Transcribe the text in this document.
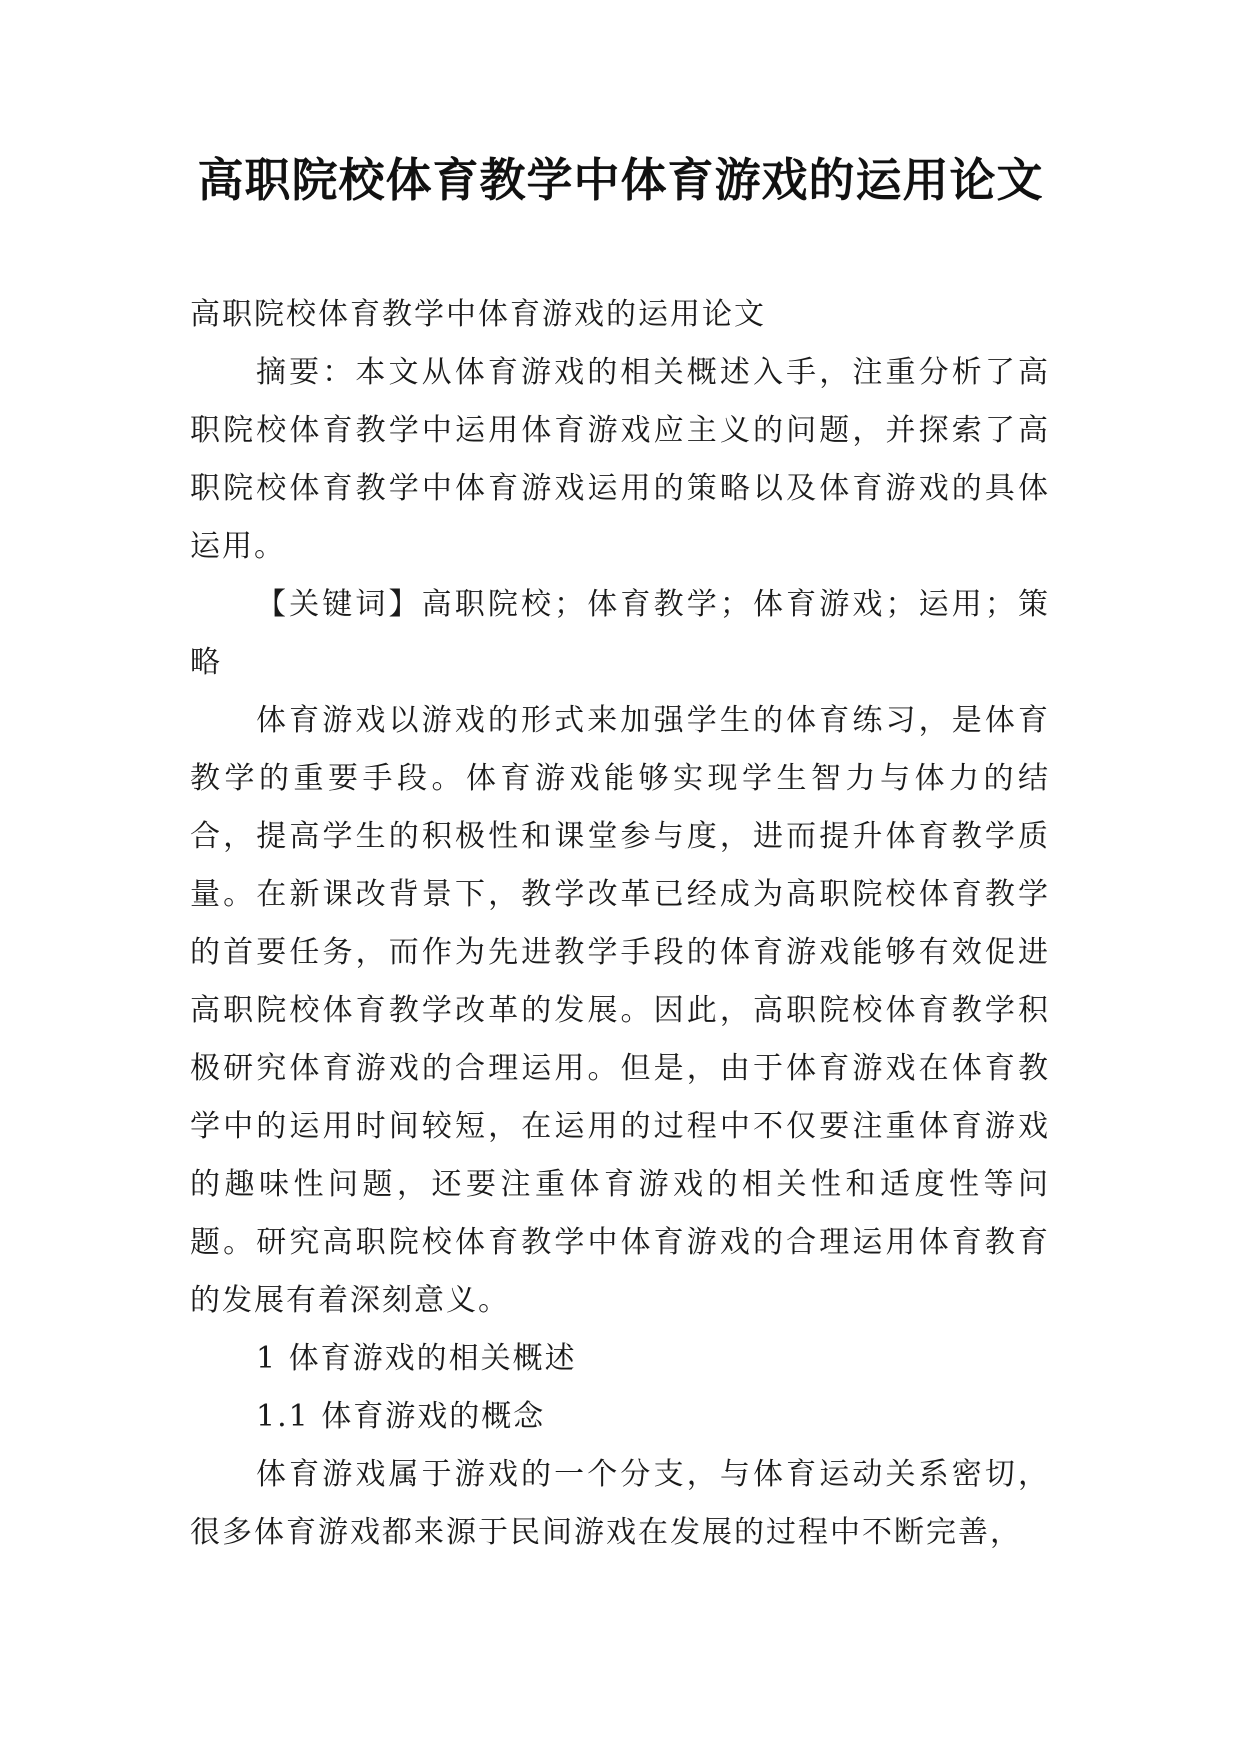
高职院校体育教学中体育游戏的运用论文

高职院校体育教学中体育游戏的运用论文

摘要：本文从体育游戏的相关概述入手，注重分析了高职院校体育教学中运用体育游戏应主义的问题，并探索了高职院校体育教学中体育游戏运用的策略以及体育游戏的具体运用。

【关键词】高职院校；体育教学；体育游戏；运用；策略

体育游戏以游戏的形式来加强学生的体育练习，是体育教学的重要手段。体育游戏能够实现学生智力与体力的结合，提高学生的积极性和课堂参与度，进而提升体育教学质量。在新课改背景下，教学改革已经成为高职院校体育教学的首要任务，而作为先进教学手段的体育游戏能够有效促进高职院校体育教学改革的发展。因此，高职院校体育教学积极研究体育游戏的合理运用。但是，由于体育游戏在体育教学中的运用时间较短，在运用的过程中不仅要注重体育游戏的趣味性问题，还要注重体育游戏的相关性和适度性等问题。研究高职院校体育教学中体育游戏的合理运用体育教育的发展有着深刻意义。

1 体育游戏的相关概述

1.1 体育游戏的概念

体育游戏属于游戏的一个分支，与体育运动关系密切，很多体育游戏都来源于民间游戏在发展的过程中不断完善，
